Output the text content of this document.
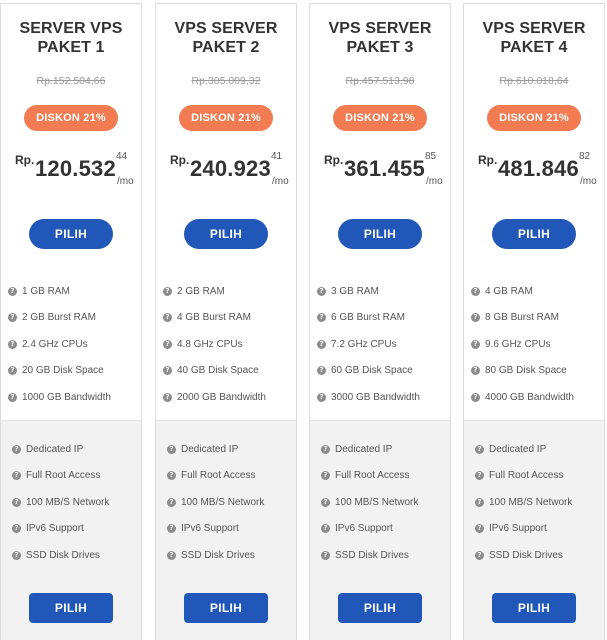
SERVER VPS
PAKET 1
Rp.152.504,66
DISKON 21%
Rp. 120.532 44
/mo
PILIH
? 1 GB RAM
? 2 GB Burst RAM
? 2.4 GHz CPUs
? 20 GB Disk Space
? 1000 GB Bandwidth
? Dedicated IP
? Full Root Access
? 100 MB/S Network
? IPv6 Support
? SSD Disk Drives
PILIH
VPS SERVER
PAKET 2
Rp.305.009,32
DISKON 21%
Rp. 240.923 41
/mo
PILIH
? 2 GB RAM
? 4 GB Burst RAM
? 4.8 GHz CPUs
? 40 GB Disk Space
? 2000 GB Bandwidth
? Dedicated IP
? Full Root Access
? 100 MB/S Network
? IPv6 Support
? SSD Disk Drives
PILIH
VPS SERVER
PAKET 3
Rp.457.513,98
DISKON 21%
Rp. 361.455 85
/mo
PILIH
? 3 GB RAM
? 6 GB Burst RAM
? 7.2 GHz CPUs
? 60 GB Disk Space
? 3000 GB Bandwidth
? Dedicated IP
? Full Root Access
? 100 MB/S Network
? IPv6 Support
? SSD Disk Drives
PILIH
VPS SERVER
PAKET 4
Rp.610.018,64
DISKON 21%
Rp. 481.846 82
/mo
PILIH
? 4 GB RAM
? 8 GB Burst RAM
? 9.6 GHz CPUs
? 80 GB Disk Space
? 4000 GB Bandwidth
? Dedicated IP
? Full Root Access
? 100 MB/S Network
? IPv6 Support
? SSD Disk Drives
PILIH
